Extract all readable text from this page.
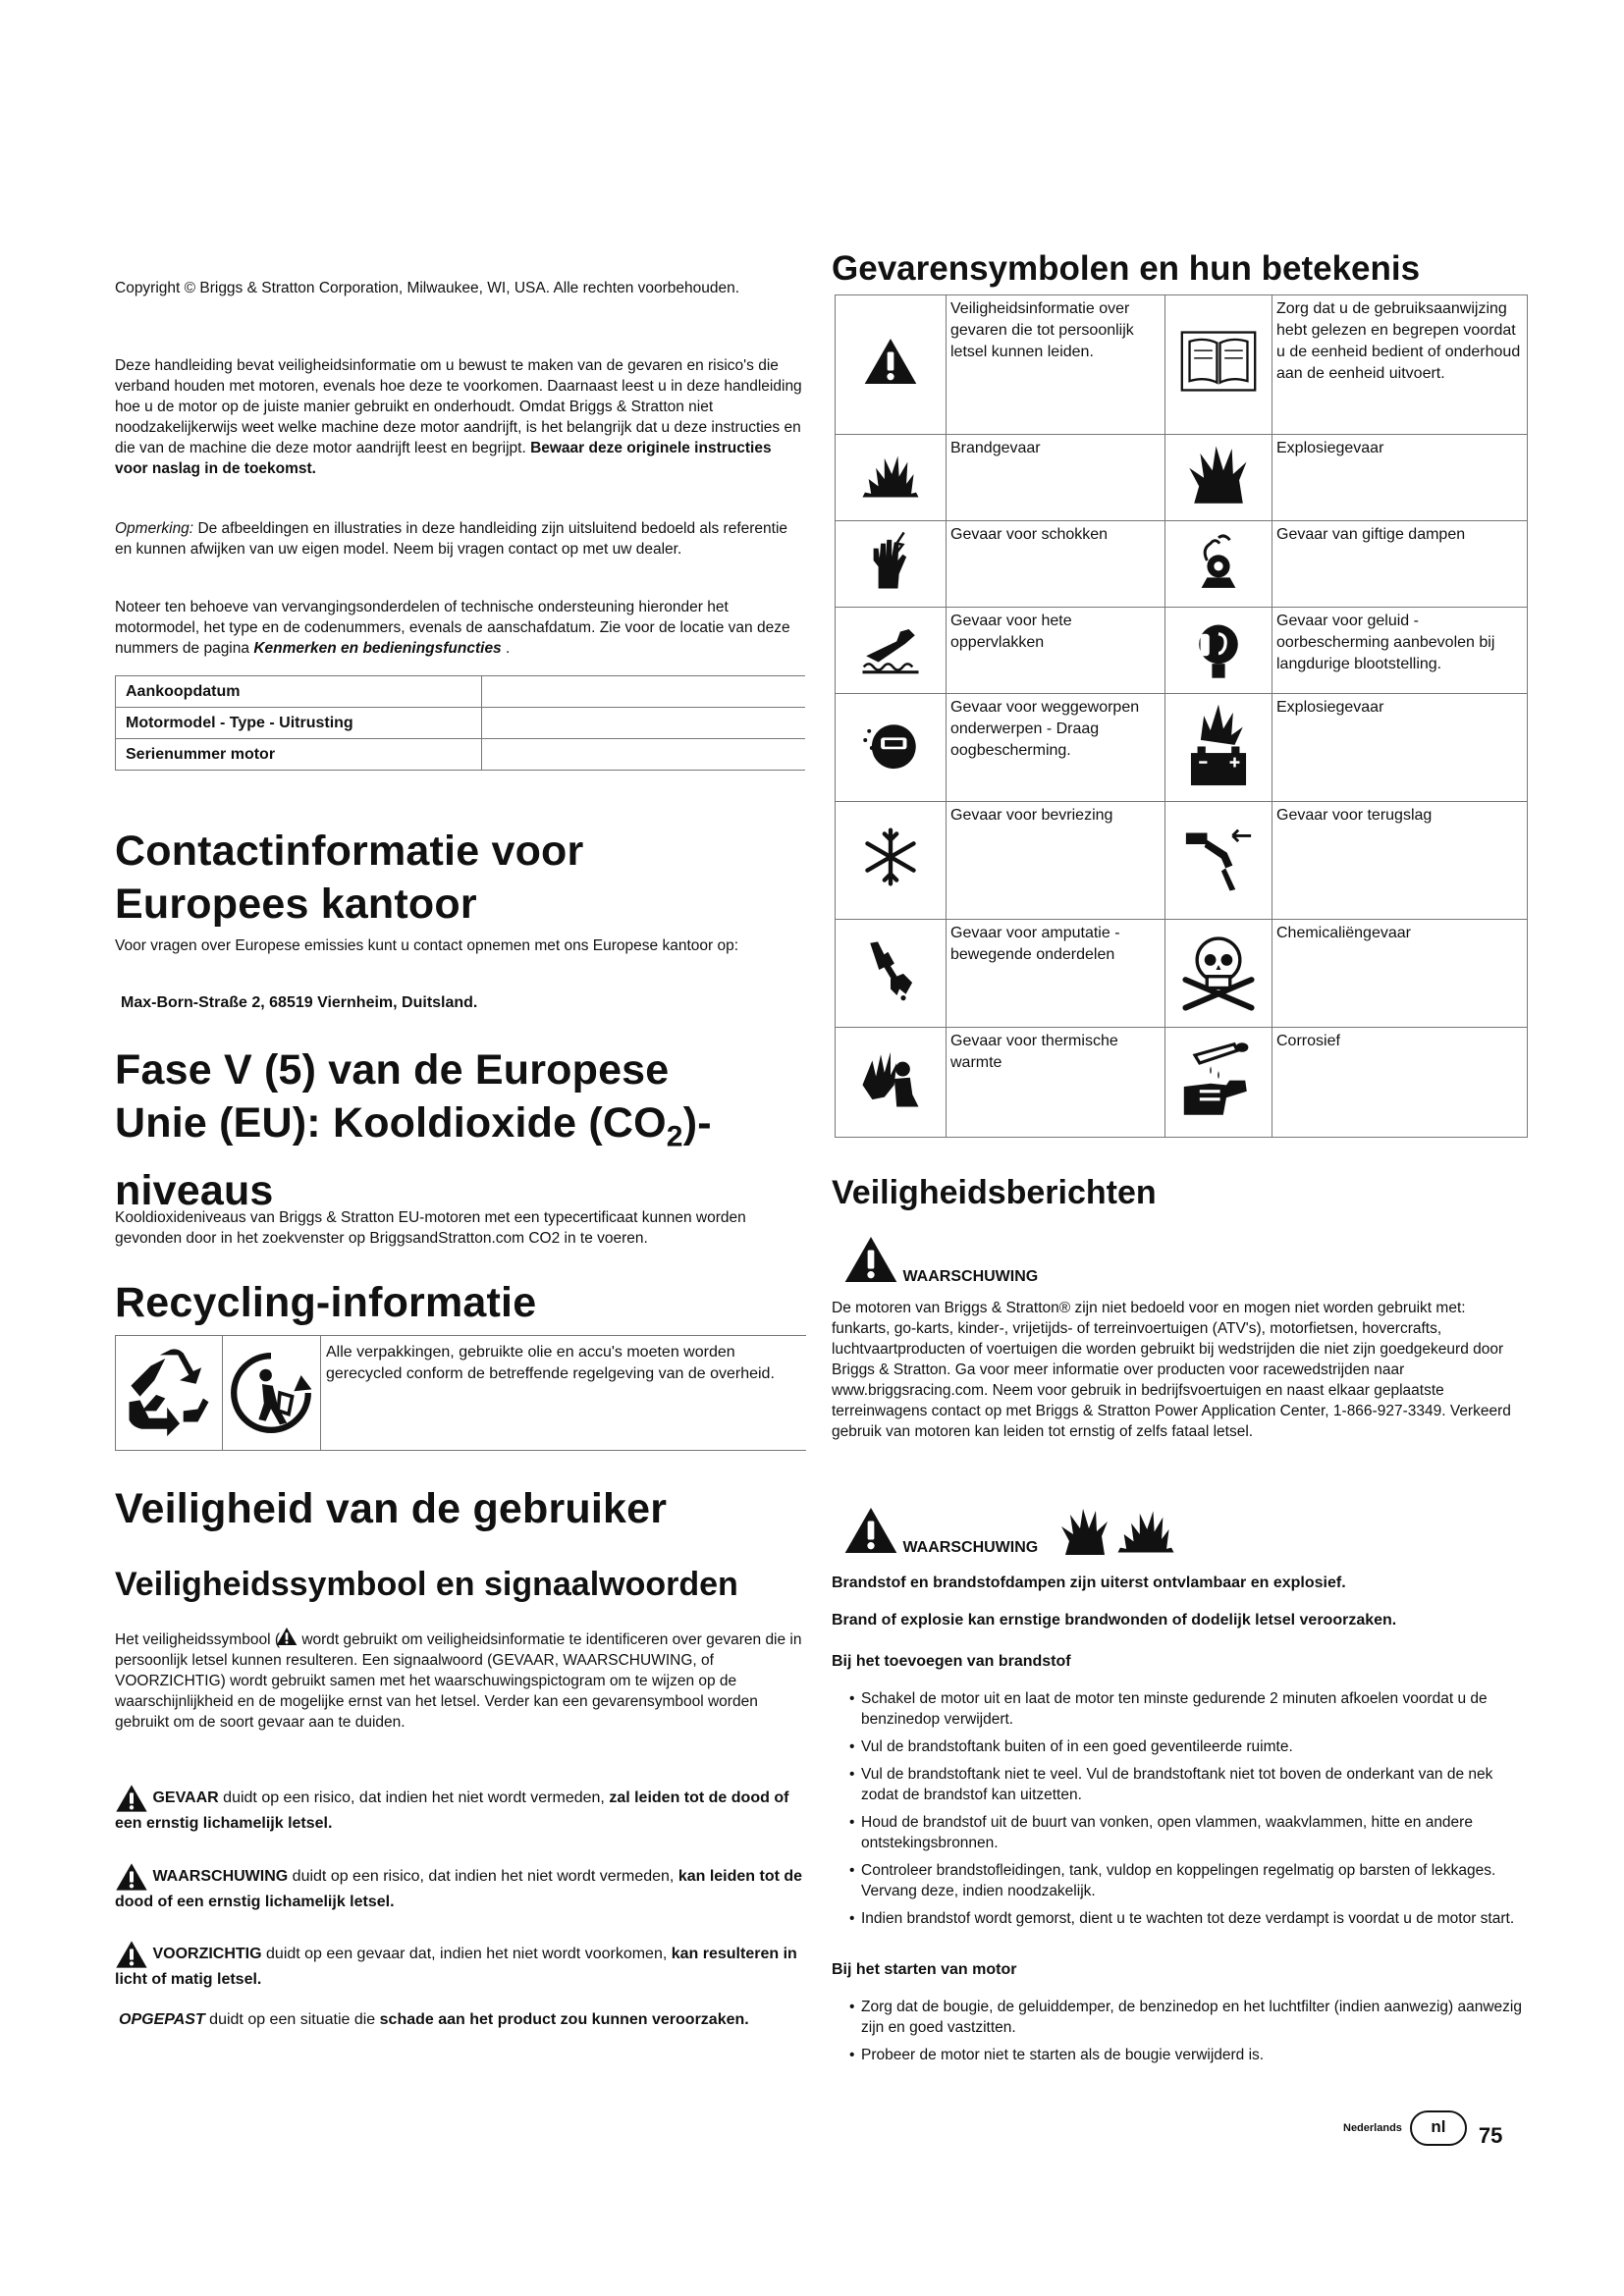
Copyright © Briggs & Stratton Corporation, Milwaukee, WI, USA. Alle rechten voorbehouden.

Deze handleiding bevat veiligheidsinformatie om u bewust te maken van de gevaren en risico's die verband houden met motoren, evenals hoe deze te voorkomen. Daarnaast leest u in deze handleiding hoe u de motor op de juiste manier gebruikt en onderhoudt. Omdat Briggs & Stratton niet noodzakelijkerwijs weet welke machine deze motor aandrijft, is het belangrijk dat u deze instructies en die van de machine die deze motor aandrijft leest en begrijpt. Bewaar deze originele instructies voor naslag in de toekomst.

Opmerking: De afbeeldingen en illustraties in deze handleiding zijn uitsluitend bedoeld als referentie en kunnen afwijken van uw eigen model. Neem bij vragen contact op met uw dealer.

Noteer ten behoeve van vervangingsonderdelen of technische ondersteuning hieronder het motormodel, het type en de codenummers, evenals de aanschafdatum. Zie voor de locatie van deze nummers de pagina Kenmerken en bedieningsfuncties .

Aankoopdatum	
Motormodel - Type - Uitrusting	
Serienummer motor	
Contactinformatie voor
Europees kantoor

Voor vragen over Europese emissies kunt u contact opnemen met ons Europese kantoor op:

Max-Born-Straße 2, 68519 Viernheim, Duitsland.

Fase V (5) van de Europese
Unie (EU): Kooldioxide $(CO_2)-$
niveaus

Kooldioxideniveaus van Briggs & Stratton EU-motoren met een typecertificaat kunnen worden gevonden door in het zoekvenster op BriggsandStratton.com CO2 in te voeren.

Recycling-informatie

Alle verpakkingen, gebruikte olie en accu's moeten worden gerecycled conform de betreffende regelgeving van de overheid.

Veiligheid van de gebruiker
Veiligheidssymbool en signaalwoorden

Het veiligheidssymbool ( wordt gebruikt om veiligheidsinformatie te identificeren over gevaren die in persoonlijk letsel kunnen resulteren. Een signaalwoord (GEVAAR, WAARSCHUWING, of VOORZICHTIG) wordt gebruikt samen met het waarschuwingspictogram om te wijzen op de waarschijnlijkheid en de mogelijke ernst van het letsel. Verder kan een gevarensymbool worden gebruikt om de soort gevaar aan te duiden.

GEVAAR duidt op een risico, dat indien het niet wordt vermeden, zal leiden tot de dood of een ernstig lichamelijk letsel.

WAARSCHUWING duidt op een risico, dat indien het niet wordt vermeden, kan leiden tot de dood of een ernstig lichamelijk letsel.

VOORZICHTIG duidt op een gevaar dat, indien het niet wordt voorkomen, kan resulteren in licht of matig letsel.

OPGEPAST duidt op een situatie die schade aan het product zou kunnen veroorzaken.

Gevarensymbolen en hun betekenis
	Veiligheidsinformatie over gevaren die tot persoonlijk letsel kunnen leiden.		Zorg dat u de gebruiksaanwijzing hebt gelezen en begrepen voordat u de eenheid bedient of onderhoud aan de eenheid uitvoert.
	Brandgevaar		Explosiegevaar
	Gevaar voor schokken		Gevaar van giftige dampen
	Gevaar voor hete oppervlakken		Gevaar voor geluid - oorbescherming aanbevolen bij langdurige blootstelling.
	Gevaar voor weggeworpen onderwerpen - Draag oogbescherming.		Explosiegevaar
	Gevaar voor bevriezing		Gevaar voor terugslag
	Gevaar voor amputatie - bewegende onderdelen		Chemicaliëngevaar
	Gevaar voor thermische warmte		Corrosief
Veiligheidsberichten
WAARSCHUWING

De motoren van Briggs & Stratton® zijn niet bedoeld voor en mogen niet worden gebruikt met: funkarts, go-karts, kinder-, vrijetijds- of terreinvoertuigen (ATV's), motorfietsen, hovercrafts, luchtvaartproducten of voertuigen die worden gebruikt bij wedstrijden die niet zijn goedgekeurd door Briggs & Stratton. Ga voor meer informatie over producten voor racewedstrijden naar www.briggsracing.com. Neem voor gebruik in bedrijfsvoertuigen en naast elkaar geplaatste terreinwagens contact op met Briggs & Stratton Power Application Center, 1-866-927-3349. Verkeerd gebruik van motoren kan leiden tot ernstig of zelfs fataal letsel.

WAARSCHUWING

Brandstof en brandstofdampen zijn uiterst ontvlambaar en explosief.

Brand of explosie kan ernstige brandwonden of dodelijk letsel veroorzaken.

Bij het toevoegen van brandstof

• Schakel de motor uit en laat de motor ten minste gedurende 2 minuten afkoelen voordat u de benzinedop verwijdert.
• Vul de brandstoftank buiten of in een goed geventileerde ruimte.
• Vul de brandstoftank niet te veel. Vul de brandstoftank niet tot boven de onderkant van de nek zodat de brandstof kan uitzetten.
• Houd de brandstof uit de buurt van vonken, open vlammen, waakvlammen, hitte en andere ontstekingsbronnen.
• Controleer brandstofleidingen, tank, vuldop en koppelingen regelmatig op barsten of lekkages. Vervang deze, indien noodzakelijk.
• Indien brandstof wordt gemorst, dient u te wachten tot deze verdampt is voordat u de motor start.

Bij het starten van motor

• Zorg dat de bougie, de geluiddemper, de benzinedop en het luchtfilter (indien aanwezig) aanwezig zijn en goed vastzitten.
• Probeer de motor niet te starten als de bougie verwijderd is.
Nederlands	nl	75
